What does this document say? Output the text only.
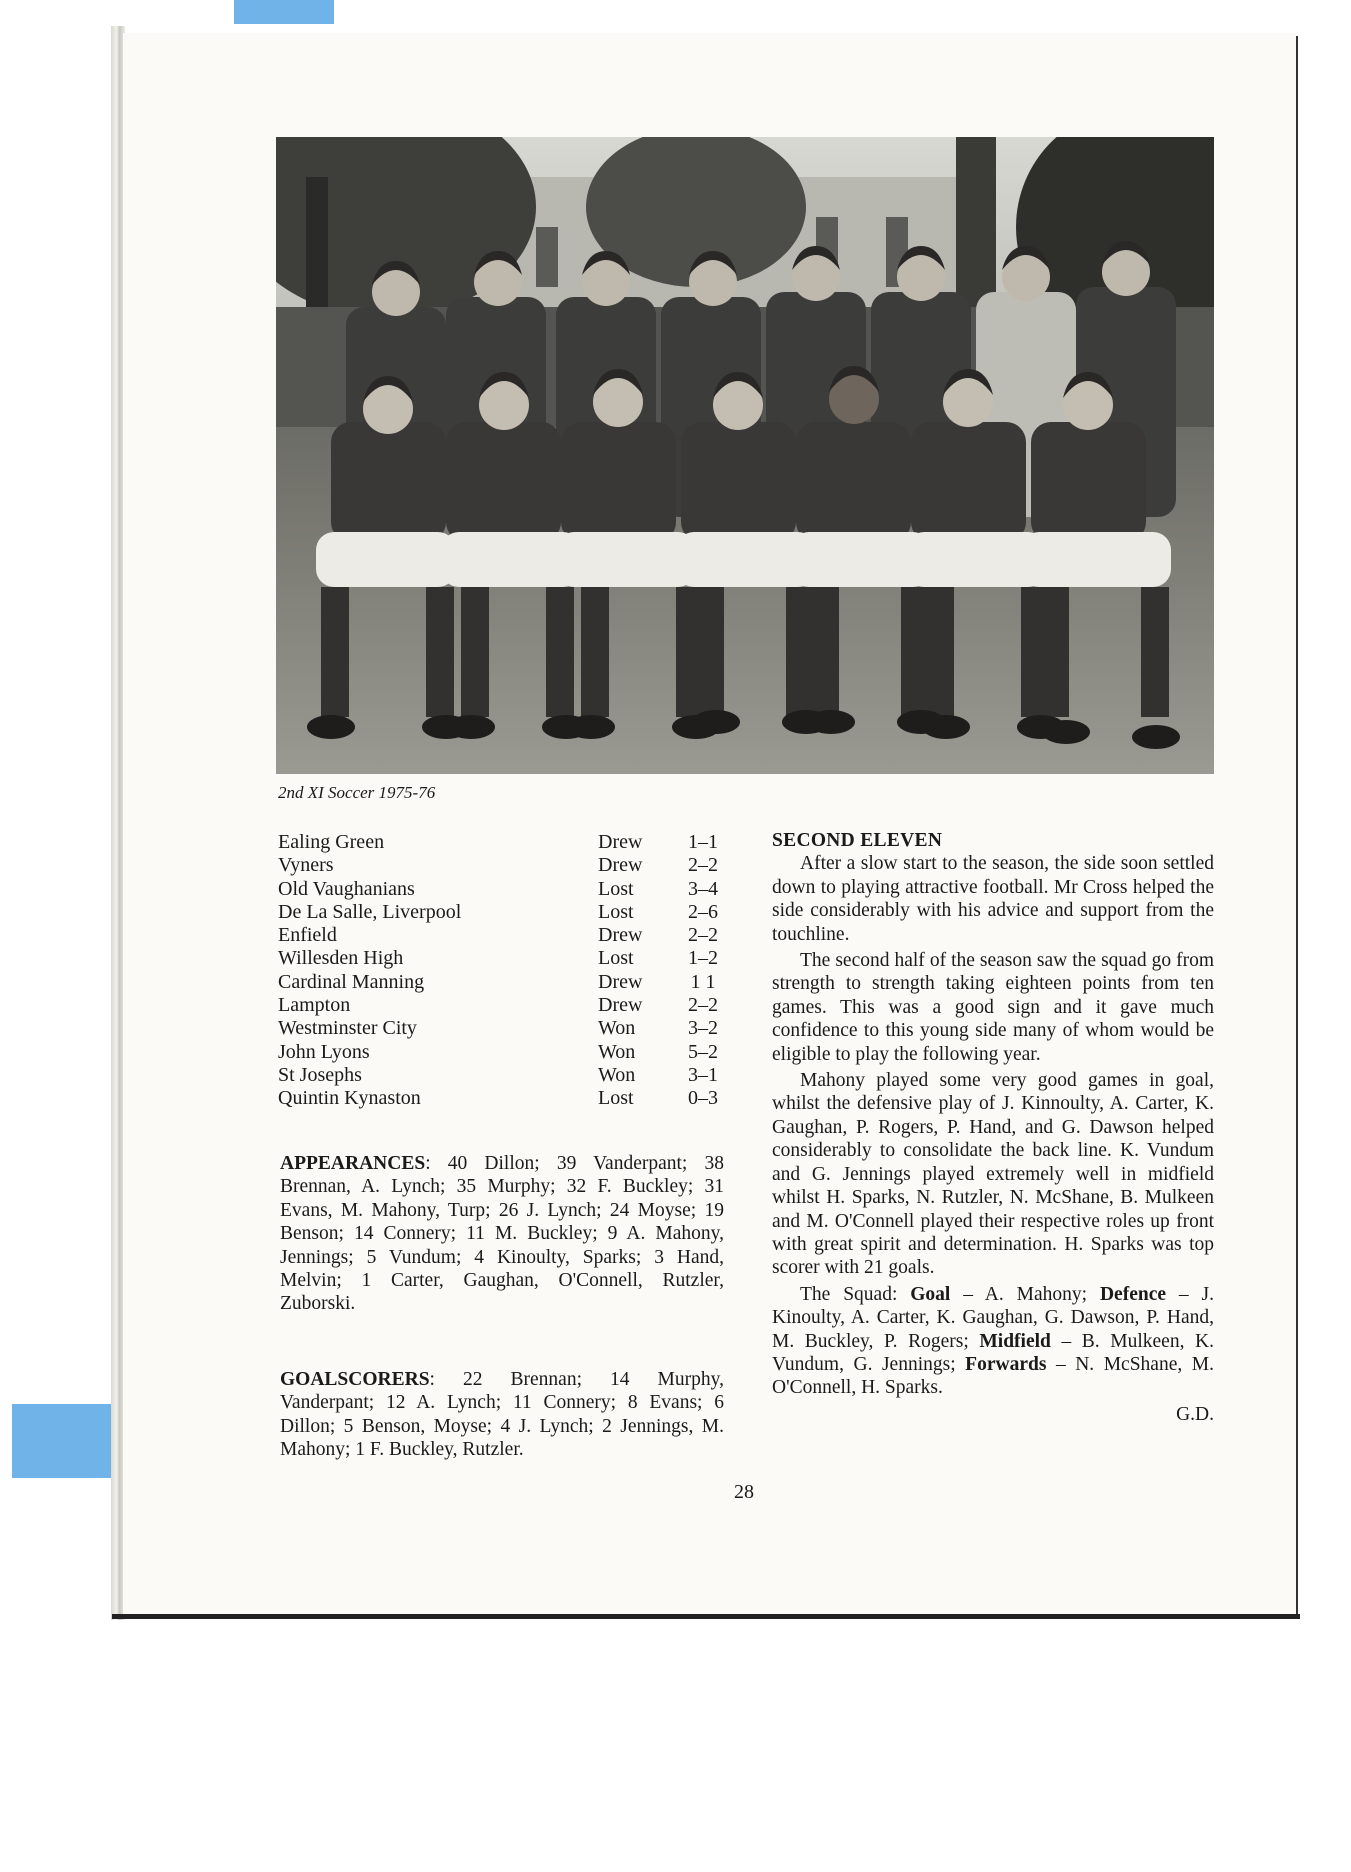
2nd XI Soccer 1975-76
Ealing Green	Drew 1–1
Vyners	Drew 2–2
Old Vaughanians	Lost	3–4
De La Salle, Liverpool	Lost	2–6
Enfield	Drew 2–2
Willesden High	Lost	1–2
Cardinal Manning	Drew	1 1
Lampton	Drew 2–2
Westminster City	Won	3–2
John Lyons	Won	5–2
St Josephs	Won	3–1
Quintin Kynaston	Lost	0–3
APPEARANCES: 40 Dillon; 39 Vanderpant; 38 Brennan, A. Lynch; 35 Murphy; 32 F. Buckley; 31 Evans, M. Mahony, Turp; 26 J. Lynch; 24 Moyse; 19 Benson; 14 Connery; 11 M. Buckley; 9 A. Mahony, Jennings; 5 Vundum; 4 Kinoulty, Sparks; 3 Hand, Melvin; 1 Carter, Gaughan, O'Connell, Rutzler, Zuborski.
GOALSCORERS: 22 Brennan; 14 Murphy, Vanderpant; 12 A. Lynch; 11 Connery; 8 Evans; 6 Dillon; 5 Benson, Moyse; 4 J. Lynch; 2 Jennings, M. Mahony; 1 F. Buckley, Rutzler.
SECOND ELEVEN

After a slow start to the season, the side soon settled down to playing attractive football. Mr Cross helped the side considerably with his advice and support from the touchline.

The second half of the season saw the squad go from strength to strength taking eighteen points from ten games. This was a good sign and it gave much confidence to this young side many of whom would be eligible to play the following year.

Mahony played some very good games in goal, whilst the defensive play of J. Kinnoulty, A. Carter, K. Gaughan, P. Rogers, P. Hand, and G. Dawson helped considerably to consolidate the back line. K. Vundum and G. Jennings played extremely well in midfield whilst H. Sparks, N. Rutzler, N. McShane, B. Mulkeen and M. O'Connell played their respective roles up front with great spirit and determination. H. Sparks was top scorer with 21 goals.

The Squad: Goal – A. Mahony; Defence – J. Kinoulty, A. Carter, K. Gaughan, G. Dawson, P. Hand, M. Buckley, P. Rogers; Midfield – B. Mulkeen, K. Vundum, G. Jennings; Forwards – N. McShane, M. O'Connell, H. Sparks.

G.D.

28
